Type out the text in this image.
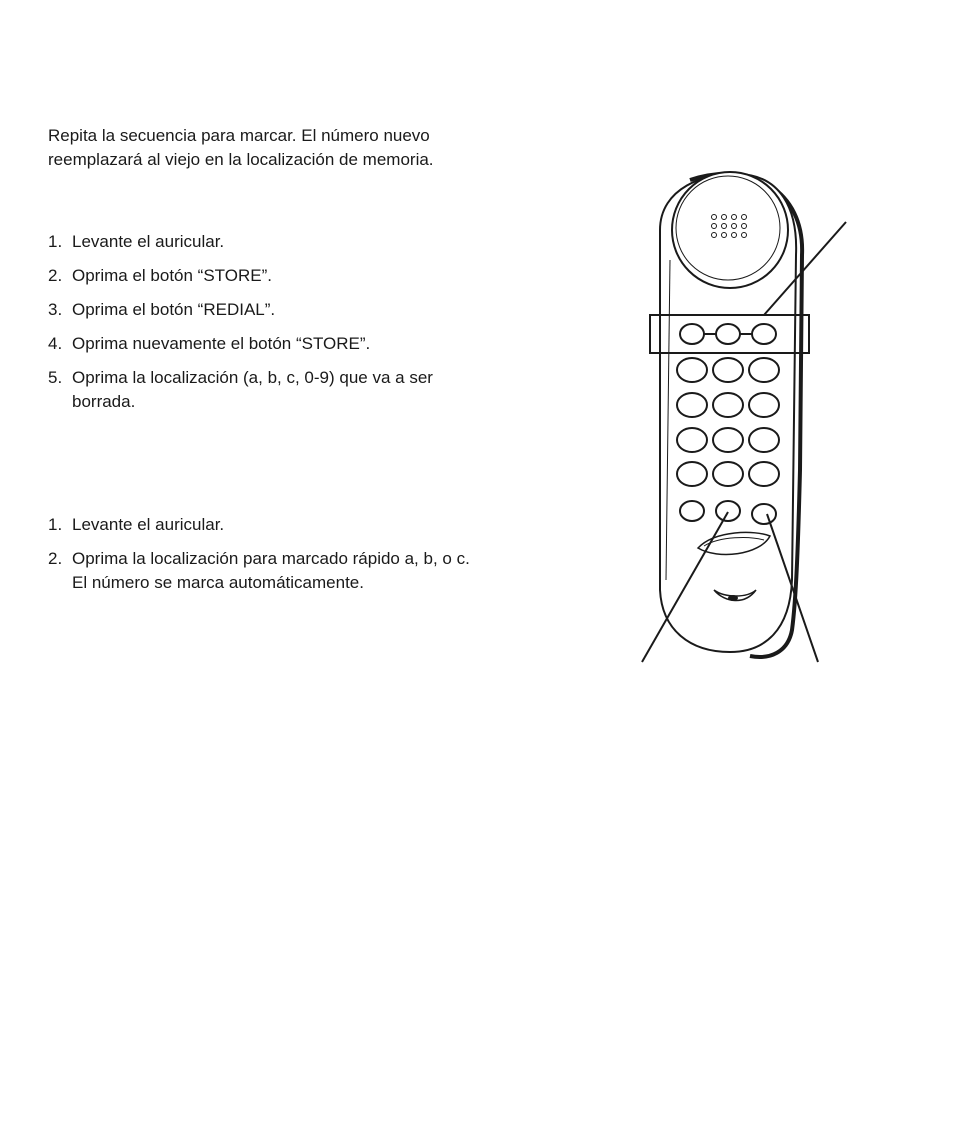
Repita la secuencia para marcar. El número nuevo
reemplazará al viejo en la localización de memoria.

1. Levante el auricular.
2. Oprima el botón “STORE”.
3. Oprima el botón “REDIAL”.
4. Oprima nuevamente el botón “STORE”.
5. Oprima la localización (a, b, c, 0-9) que va a ser
borrada.
1. Levante el auricular.
2. Oprima la localización para marcado rápido a, b, o c.
El número se marca automáticamente.
